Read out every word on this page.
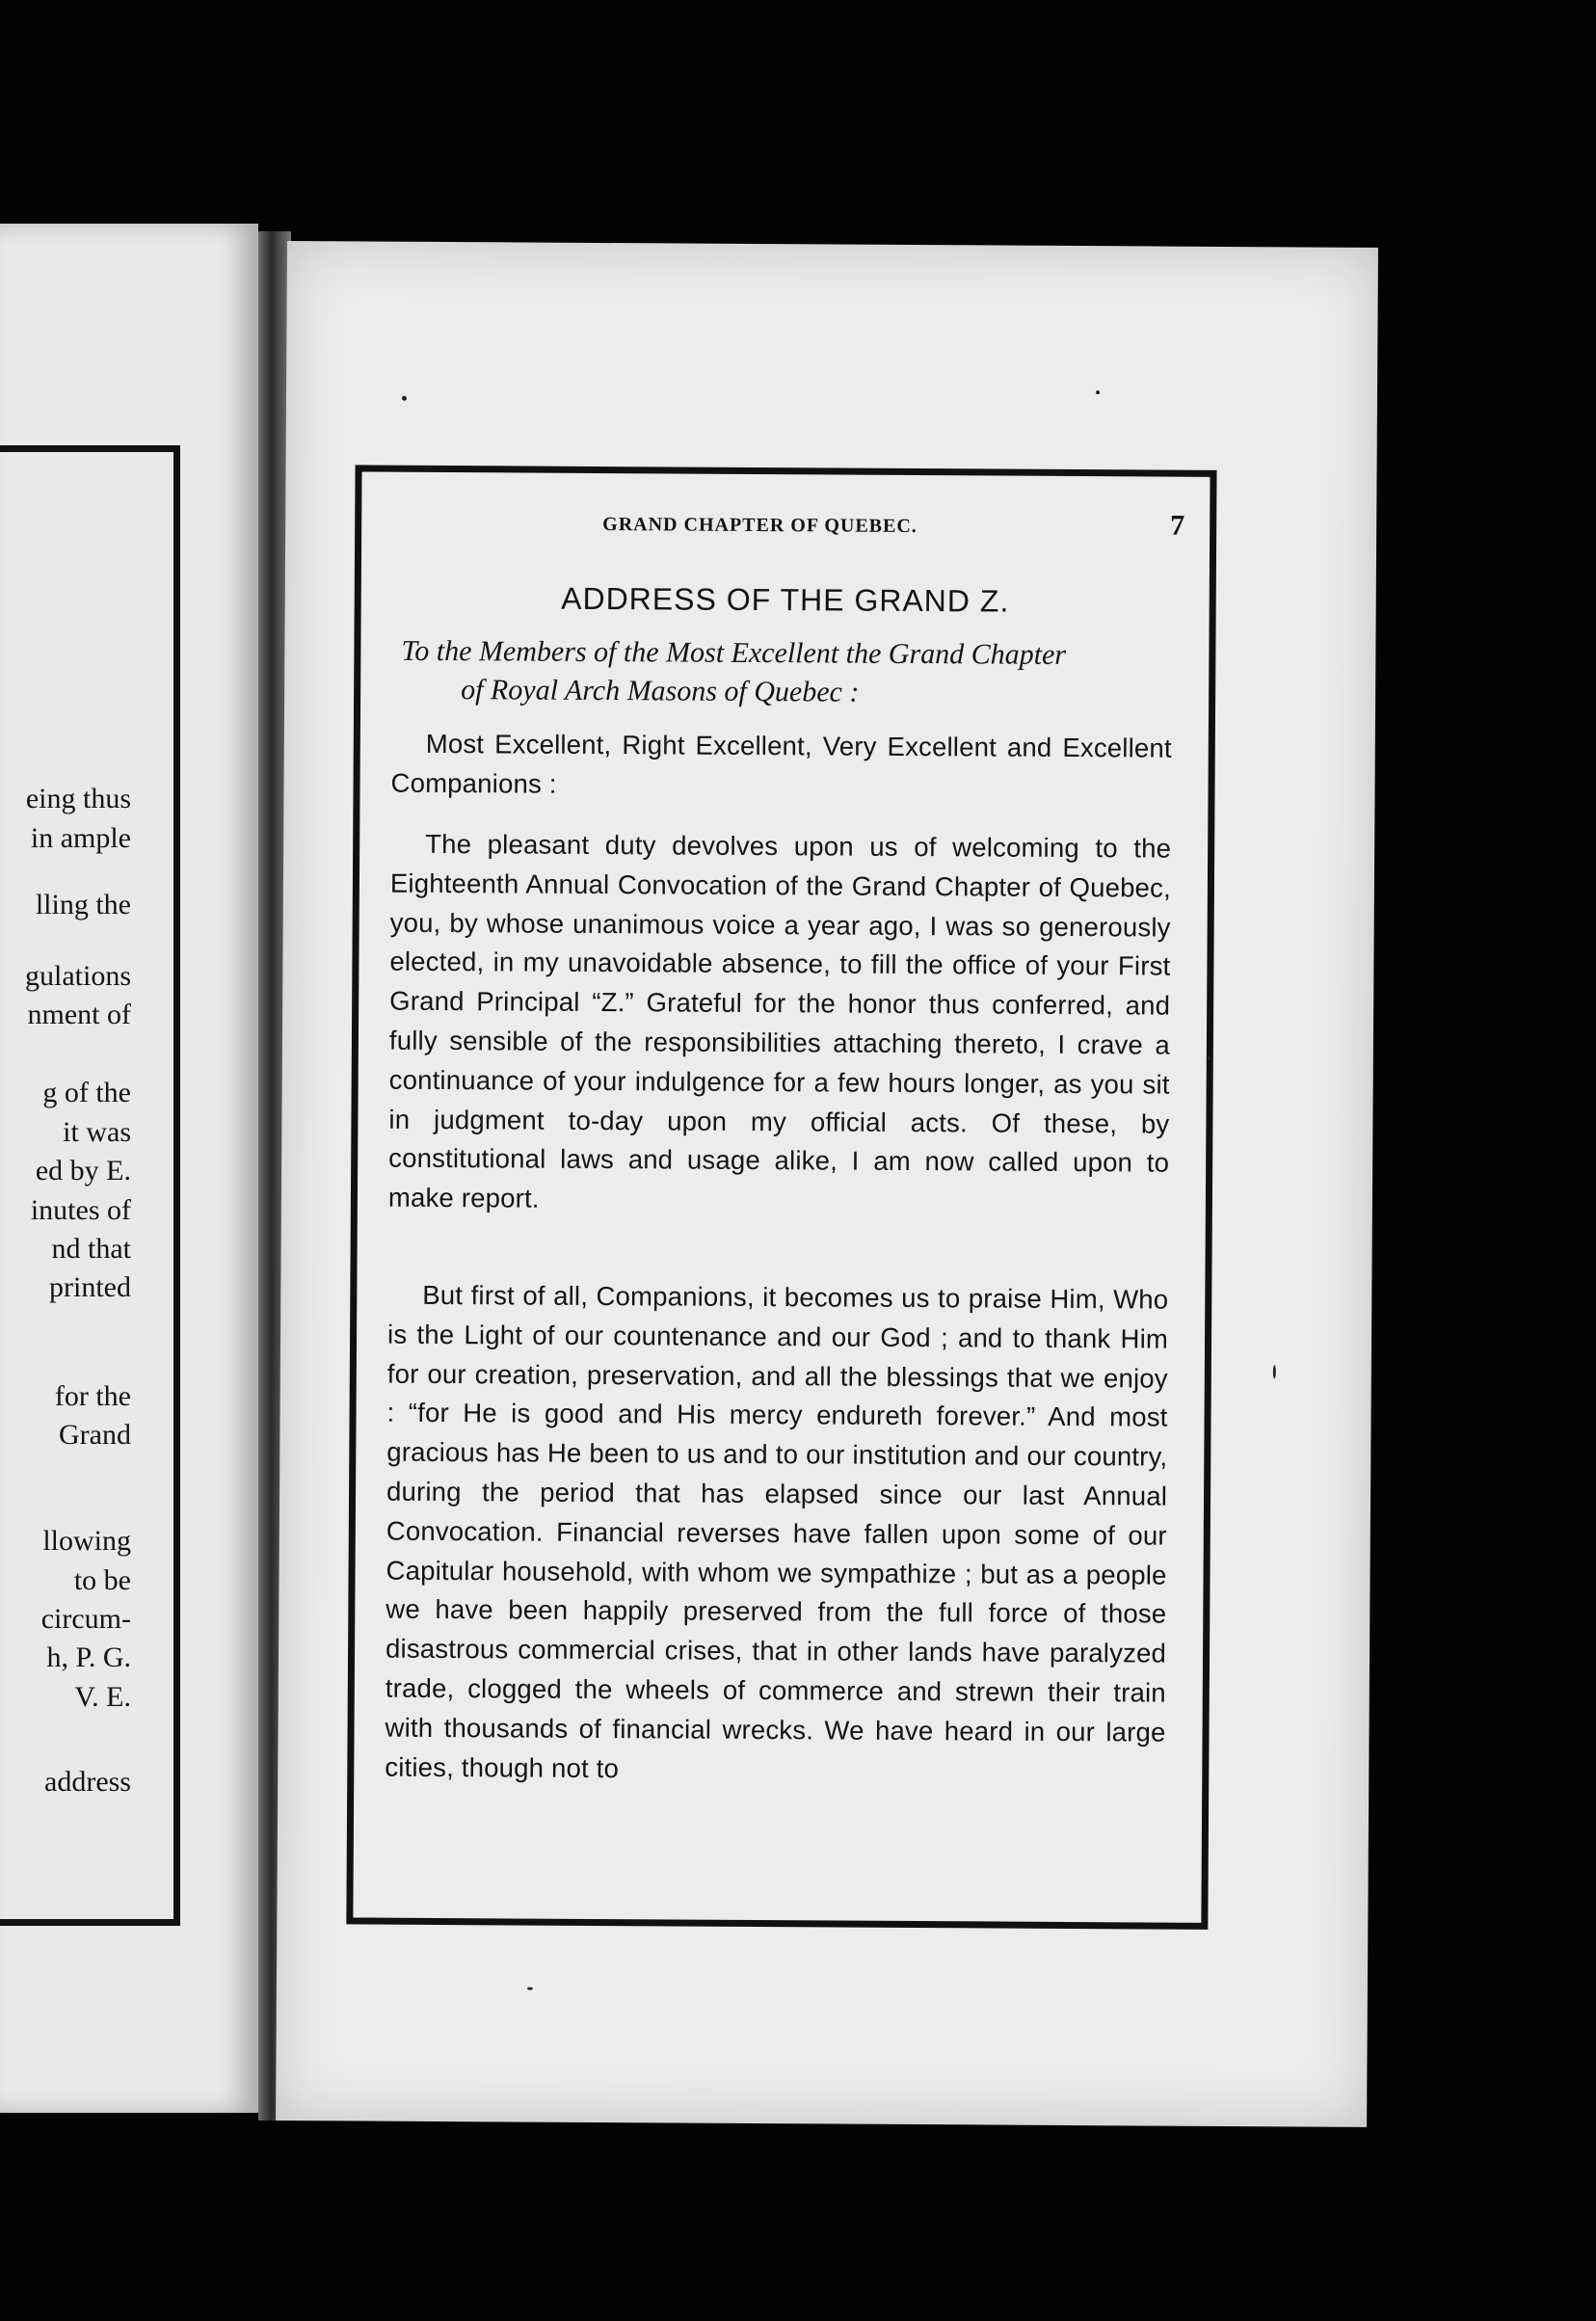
eing thus
in ample
lling the
gulations
nment of
g of the
it was
ed by E.
inutes of
nd that
printed
for the
Grand
llowing
to be
circum-
h, P. G.
V. E.
address
GRAND CHAPTER OF QUEBEC.	7
ADDRESS OF THE GRAND Z.
To the Members of the Most Excellent the Grand Chapter
of Royal Arch Masons of Quebec :
Most Excellent, Right Excellent, Very Excellent and Excellent Companions :
The pleasant duty devolves upon us of welcoming to the Eighteenth Annual Convocation of the Grand Chapter of Quebec, you, by whose unanimous voice a year ago, I was so generously elected, in my unavoidable absence, to fill the office of your First Grand Principal “Z.” Grateful for the honor thus conferred, and fully sensible of the responsibilities attaching thereto, I crave a continuance of your indulgence for a few hours longer, as you sit in judgment to-day upon my official acts. Of these, by constitutional laws and usage alike, I am now called upon to make report.
But first of all, Companions, it becomes us to praise Him, Who is the Light of our countenance and our God ; and to thank Him for our creation, preservation, and all the blessings that we enjoy : “for He is good and His mercy endureth forever.” And most gracious has He been to us and to our institution and our country, during the period that has elapsed since our last Annual Convocation. Financial reverses have fallen upon some of our Capitular household, with whom we sympathize ; but as a people we have been happily preserved from the full force of those disastrous commercial crises, that in other lands have paralyzed trade, clogged the wheels of commerce and strewn their train with thousands of financial wrecks. We have heard in our large cities, though not to
